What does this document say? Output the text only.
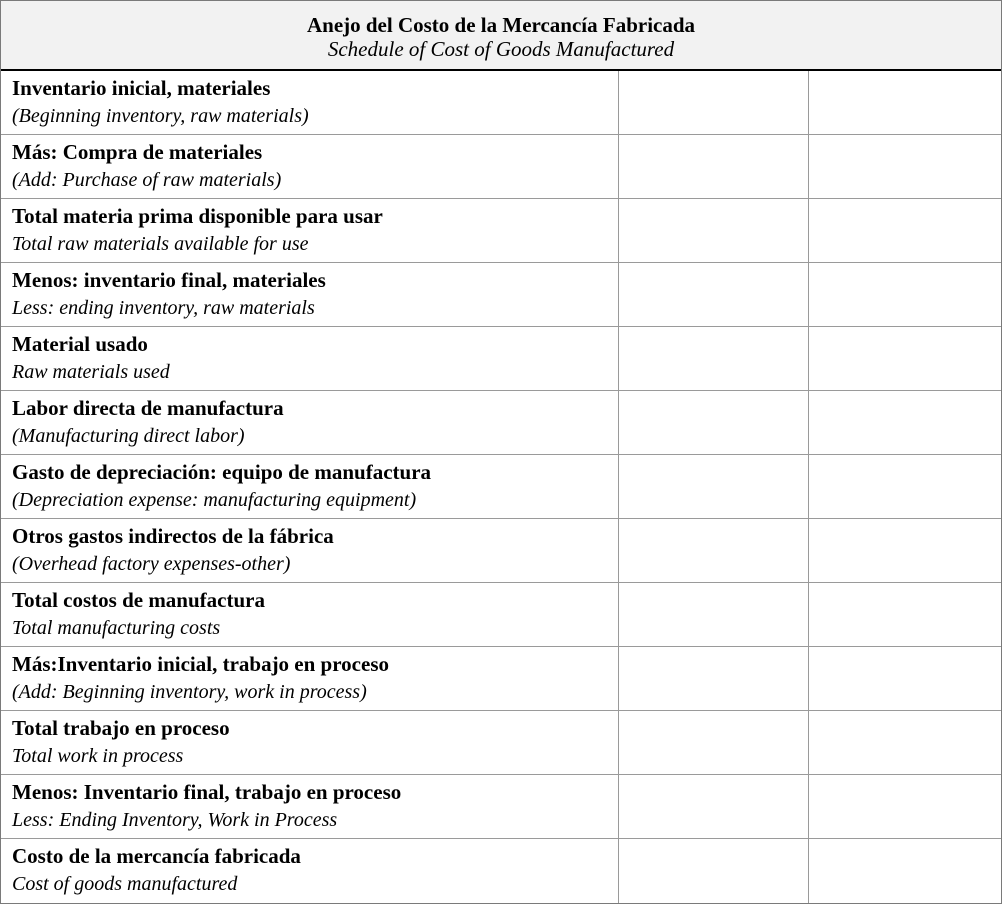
Anejo del Costo de la Mercancía Fabricada
Schedule of Cost of Goods Manufactured
Inventario inicial, materiales
(Beginning inventory, raw materials)
Más: Compra de materiales
(Add: Purchase of raw materials)
Total materia prima disponible para usar
Total raw materials available for use
Menos: inventario final, materiales
Less: ending inventory, raw materials
Material usado
Raw materials used
Labor directa de manufactura
(Manufacturing direct labor)
Gasto de depreciación: equipo de manufactura
(Depreciation expense: manufacturing equipment)
Otros gastos indirectos de la fábrica
(Overhead factory expenses-other)
Total costos de manufactura
Total manufacturing costs
Más:Inventario inicial, trabajo en proceso
(Add: Beginning inventory, work in process)
Total trabajo en proceso
Total work in process
Menos: Inventario final, trabajo en proceso
Less: Ending Inventory, Work in Process
Costo de la mercancía fabricada
Cost of goods manufactured
